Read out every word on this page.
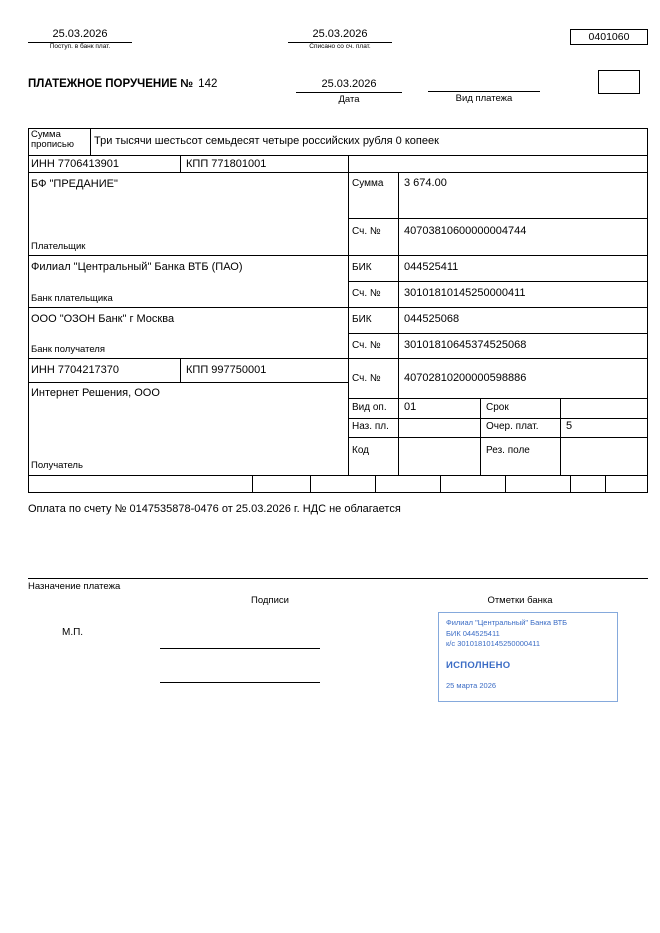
25.03.2026
Поступ. в банк плат.
25.03.2026
Списано со сч. плат.
0401060
ПЛАТЕЖНОЕ ПОРУЧЕНИЕ № 142	25.03.2026
Дата	Вид платежа
Сумма прописью	Три тысячи шестьсот семьдесят четыре российских рубля 0 копеек
ИНН 7706413901	КПП 771801001
БФ "ПРЕДАНИЕ"
Плательщик
Сумма 3 674.00
Сч. № 40703810600000004744
Филиал "Центральный" Банка ВТБ (ПАО)
Банк плательщика
БИК	044525411
Сч. № 30101810145250000411
ООО "ОЗОН Банк" г Москва
Банк получателя
БИК	044525068
Сч. № 30101810645374525068
ИНН 7704217370	КПП 997750001
Интернет Решения, ООО
Получатель
Сч. № 40702810200000598886
Вид оп. 01	Срок
Наз. пл.	Очер. плат. 5
Код	Рез. поле
Оплата по счету № 0147535878-0476 от 25.03.2026 г. НДС не облагается
Назначение платежа
Подписи	Отметки банка
М.П.
Филиал "Центральный" Банка ВТБ
БИК 044525411
к/с 30101810145250000411
ИСПОЛНЕНО
25 марта 2026
